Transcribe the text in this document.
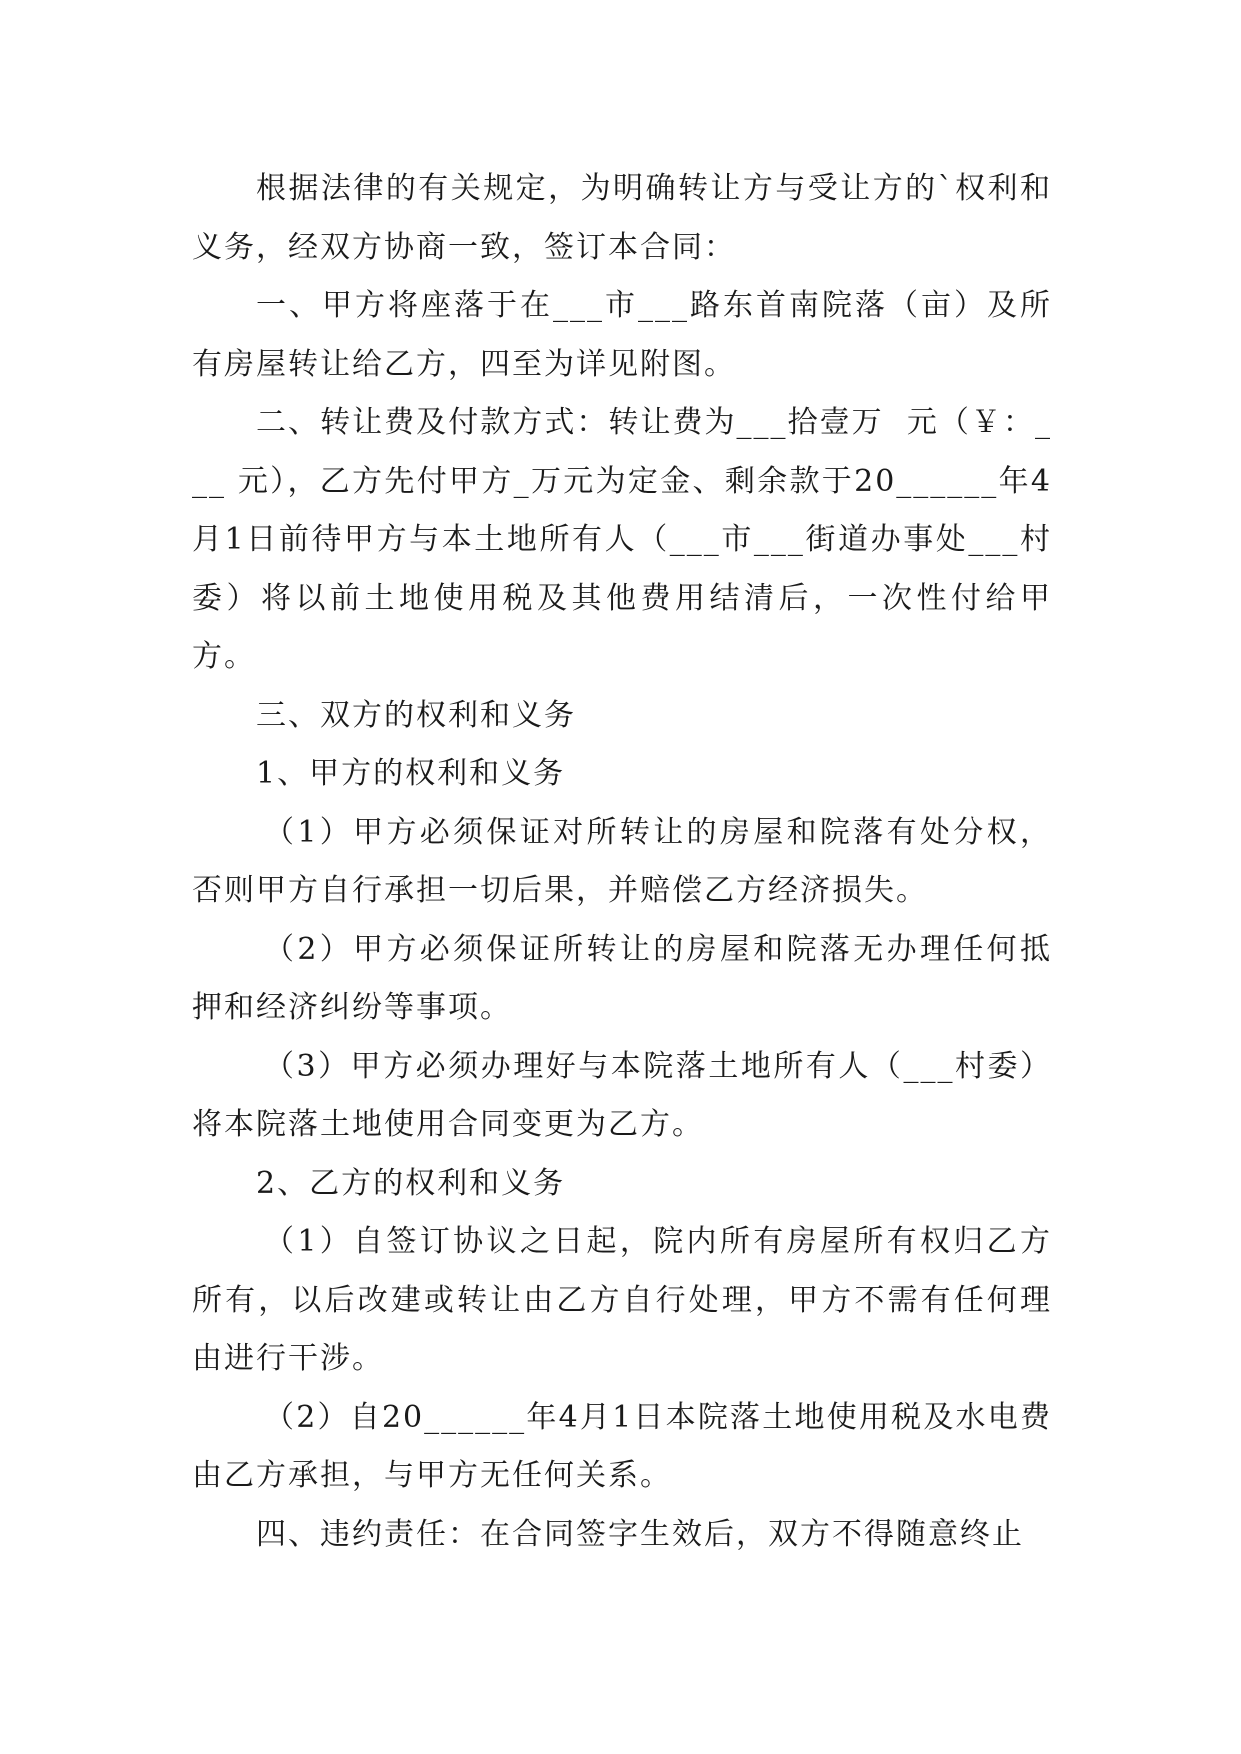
根据法律的有关规定，为明确转让方与受让方的`权利和义务，经双方协商一致，签订本合同：

一、甲方将座落于在___市___路东首南院落（亩）及所有房屋转让给乙方，四至为详见附图。

二、转让费及付款方式：转让费为___拾壹万  元（￥：___ 元），乙方先付甲方_万元为定金、剩余款于20______年4月1日前待甲方与本土地所有人（___市___街道办事处___村委）将以前土地使用税及其他费用结清后，一次性付给甲方。

三、双方的权利和义务

1、甲方的权利和义务

（1）甲方必须保证对所转让的房屋和院落有处分权，否则甲方自行承担一切后果，并赔偿乙方经济损失。

（2）甲方必须保证所转让的房屋和院落无办理任何抵押和经济纠纷等事项。

（3）甲方必须办理好与本院落土地所有人（___村委）将本院落土地使用合同变更为乙方。

2、乙方的权利和义务

（1）自签订协议之日起，院内所有房屋所有权归乙方所有，以后改建或转让由乙方自行处理，甲方不需有任何理由进行干涉。

（2）自20______年4月1日本院落土地使用税及水电费由乙方承担，与甲方无任何关系。

四、违约责任：在合同签字生效后，双方不得随意终止
